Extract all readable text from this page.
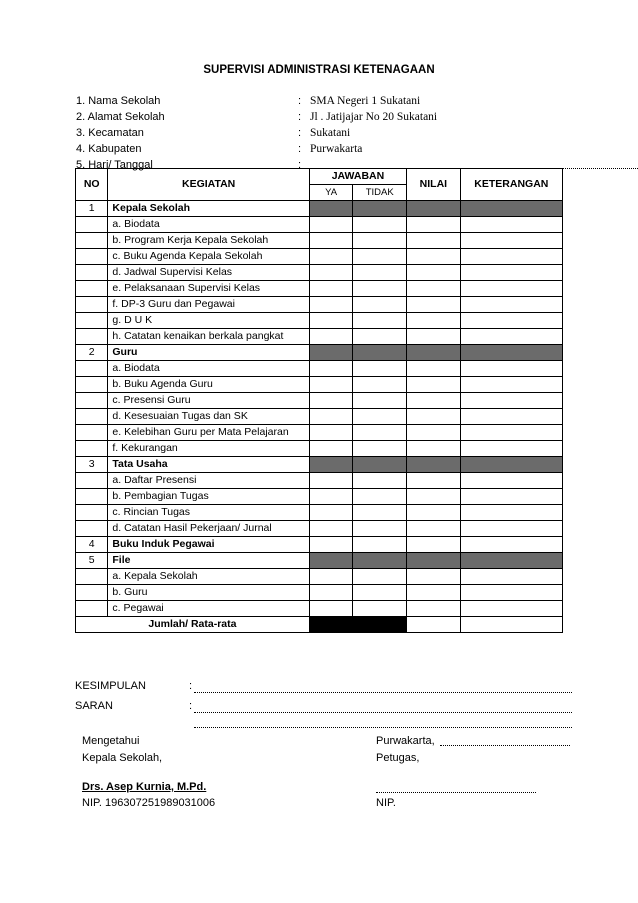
SUPERVISI ADMINISTRASI KETENAGAAN
1. Nama Sekolah	: SMA Negeri 1 Sukatani
2. Alamat Sekolah	: Jl . Jatijajar No 20 Sukatani
3. Kecamatan	: Sukatani
4. Kabupaten	: Purwakarta
5. Hari/ Tanggal	:
NO	KEGIATAN	JAWABAN		NILAI	KETERANGAN
		YA	TIDAK		
1	Kepala Sekolah				
	a. Biodata				
	b. Program Kerja Kepala Sekolah				
	c. Buku Agenda Kepala Sekolah				
	d. Jadwal Supervisi Kelas				
	e. Pelaksanaan Supervisi Kelas				
	f. DP-3 Guru dan Pegawai				
	g. D U K				
	h. Catatan kenaikan berkala pangkat				
2	Guru				
	a. Biodata				
	b. Buku Agenda Guru				
	c. Presensi Guru				
	d. Kesesuaian Tugas dan SK				
	e. Kelebihan Guru per Mata Pelajaran				
	f. Kekurangan				
3	Tata Usaha				
	a. Daftar Presensi				
	b. Pembagian Tugas				
	c. Rincian Tugas				
	d. Catatan Hasil Pekerjaan/ Jurnal				
4	Buku Induk Pegawai				
5	File				
	a. Kepala Sekolah				
	b. Guru				
	c. Pegawai				
Jumlah/ Rata-rata					
KESIMPULAN	:
SARAN	:
Mengetahui
Kepala Sekolah,
Drs. Asep Kurnia, M.Pd.
NIP. 196307251989031006
Purwakarta,
Petugas,
NIP.
